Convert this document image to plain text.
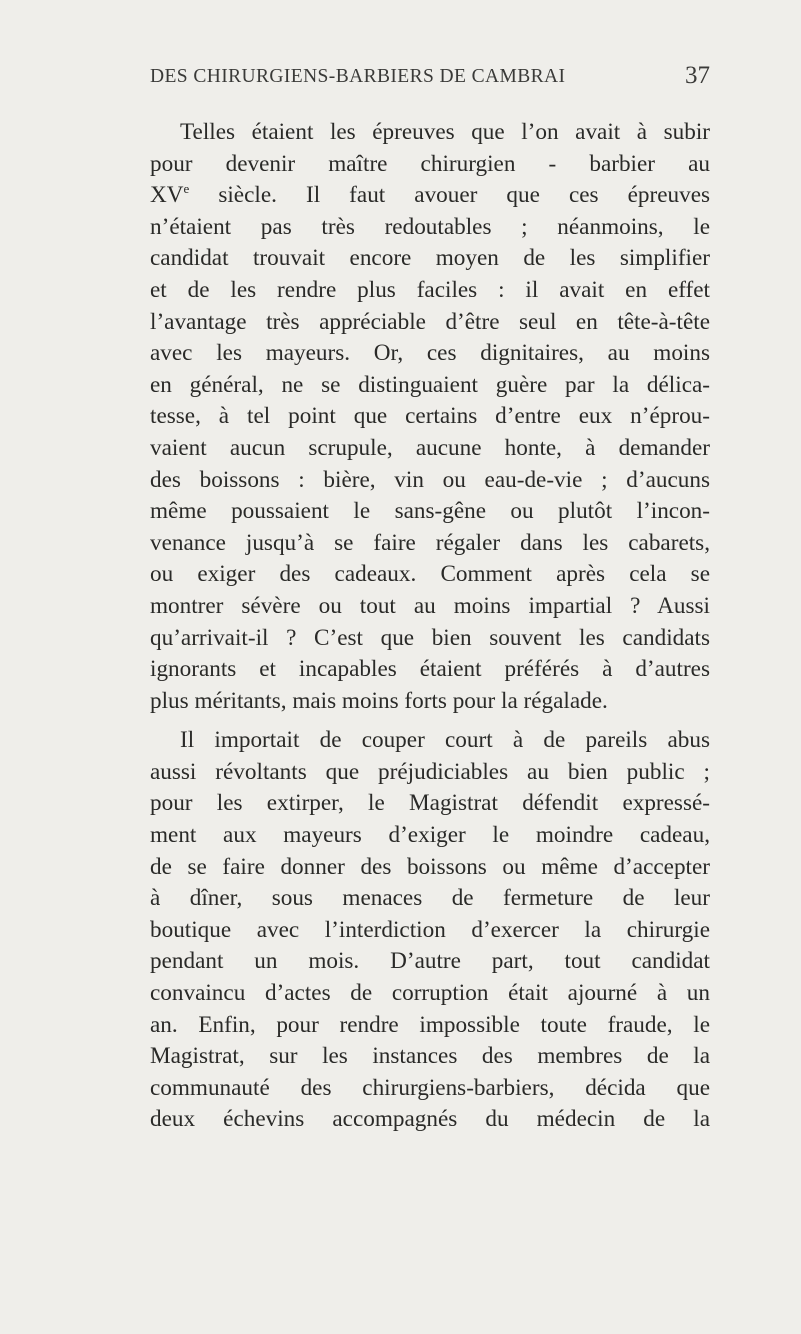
DES CHIRURGIENS-BARBIERS DE CAMBRAI	37
Telles étaient les épreuves que l’on avait à subir
pour devenir maître chirurgien - barbier au
XVe siècle. Il faut avouer que ces épreuves
n’étaient pas très redoutables ; néanmoins, le
candidat trouvait encore moyen de les simplifier
et de les rendre plus faciles : il avait en effet
l’avantage très appréciable d’être seul en tête-à-tête
avec les mayeurs. Or, ces dignitaires, au moins
en général, ne se distinguaient guère par la délica-
tesse, à tel point que certains d’entre eux n’éprou-
vaient aucun scrupule, aucune honte, à demander
des boissons : bière, vin ou eau-de-vie ; d’aucuns
même poussaient le sans-gêne ou plutôt l’incon-
venance jusqu’à se faire régaler dans les cabarets,
ou exiger des cadeaux. Comment après cela se
montrer sévère ou tout au moins impartial ? Aussi
qu’arrivait-il ? C’est que bien souvent les candidats
ignorants et incapables étaient préférés à d’autres
plus méritants, mais moins forts pour la régalade.
Il importait de couper court à de pareils abus
aussi révoltants que préjudiciables au bien public ;
pour les extirper, le Magistrat défendit expressé-
ment aux mayeurs d’exiger le moindre cadeau,
de se faire donner des boissons ou même d’accepter
à dîner, sous menaces de fermeture de leur
boutique avec l’interdiction d’exercer la chirurgie
pendant un mois. D’autre part, tout candidat
convaincu d’actes de corruption était ajourné à un
an. Enfin, pour rendre impossible toute fraude, le
Magistrat, sur les instances des membres de la
communauté des chirurgiens-barbiers, décida que
deux échevins accompagnés du médecin de la
